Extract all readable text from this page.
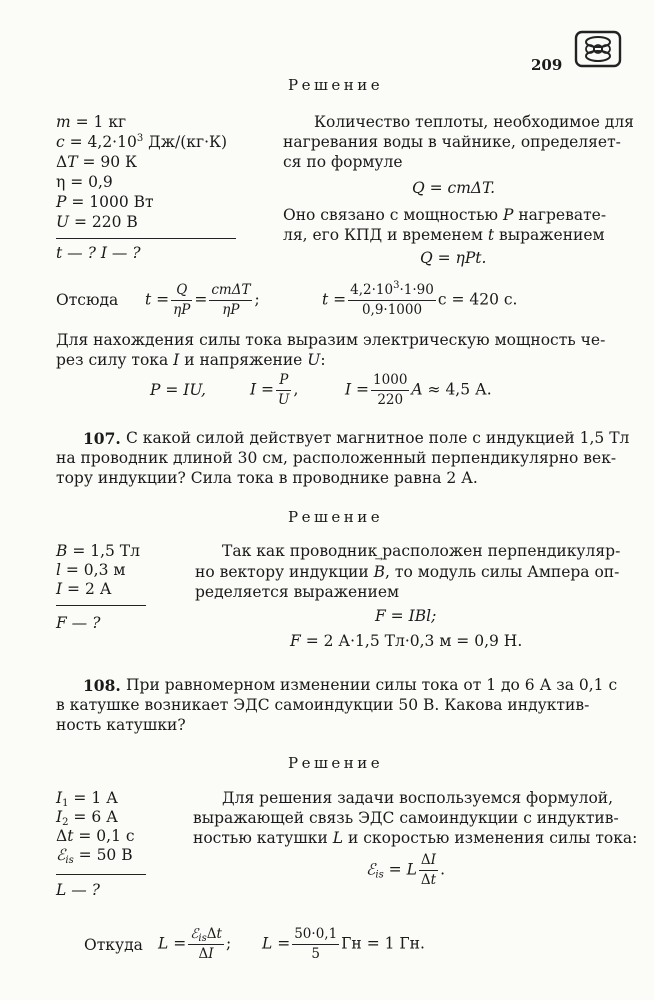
209
Решение
m = 1 кг
$c = 4,2\cdot 10^3$ Дж/(кг·К)
ΔT = 90 К
η = 0,9
P = 1000 Вт
U = 220 В
t — ? I — ?
Количество теплоты, необходимое для
нагревания воды в чайнике, определяет-
ся по формуле
Q = cmΔT.
Оно связано с мощностью P нагревате-
ля, его КПД и временем t выражением
Q = ηPt.
Отсюда $t = \frac{Q}{\eta P} = \frac{\text{cmΔT}}{\eta P}$ ;	$t = \frac{4,2\cdot 10^3\cdot 1\cdot 90}{0,9\cdot 1000}$ с = 420 с.
Для нахождения силы тока выразим электрическую мощность че-
рез силу тока I и напряжение U:
P = IU,	$I = \frac{P}{U}$ ,	$I = \frac{1000}{220}$ A ≈ 4,5 А.
107. С какой силой действует магнитное поле с индукцией 1,5 Тл
на проводник длиной 30 см, расположенный перпендикулярно век-
тору индукции? Сила тока в проводнике равна 2 А.
Решение
B = 1,5 Тл
l = 0,3 м
I = 2 А
F — ?
Так как проводник расположен перпендикуляр-
но вектору индукции → B, то модуль силы Ампера оп-
ределяется выражением
F = IBl;
F = 2 А·1,5 Тл·0,3 м = 0,9 Н.
108. При равномерном изменении силы тока от 1 до 6 А за 0,1 с
в катушке возникает ЭДС самоиндукции 50 В. Какова индуктив-
ность катушки?
Решение
$I_1 = 1$ А
$I_2 = 6$ А
Δt = 0,1 с
ℰ$_{is}$ = 50 В
L — ?
Для решения задачи воспользуемся формулой,
выражающей связь ЭДС самоиндукции с индуктив-
ностью катушки L и скоростью изменения силы тока:
ℰ$_{is}$ = L $\frac{\Delta I}{\Delta t}$ .
Откуда $L = \frac{ℰ_{is}\Delta t}{\Delta I}$ ; $L = \frac{50\cdot 0,1}{5}$ Гн = 1 Гн.
